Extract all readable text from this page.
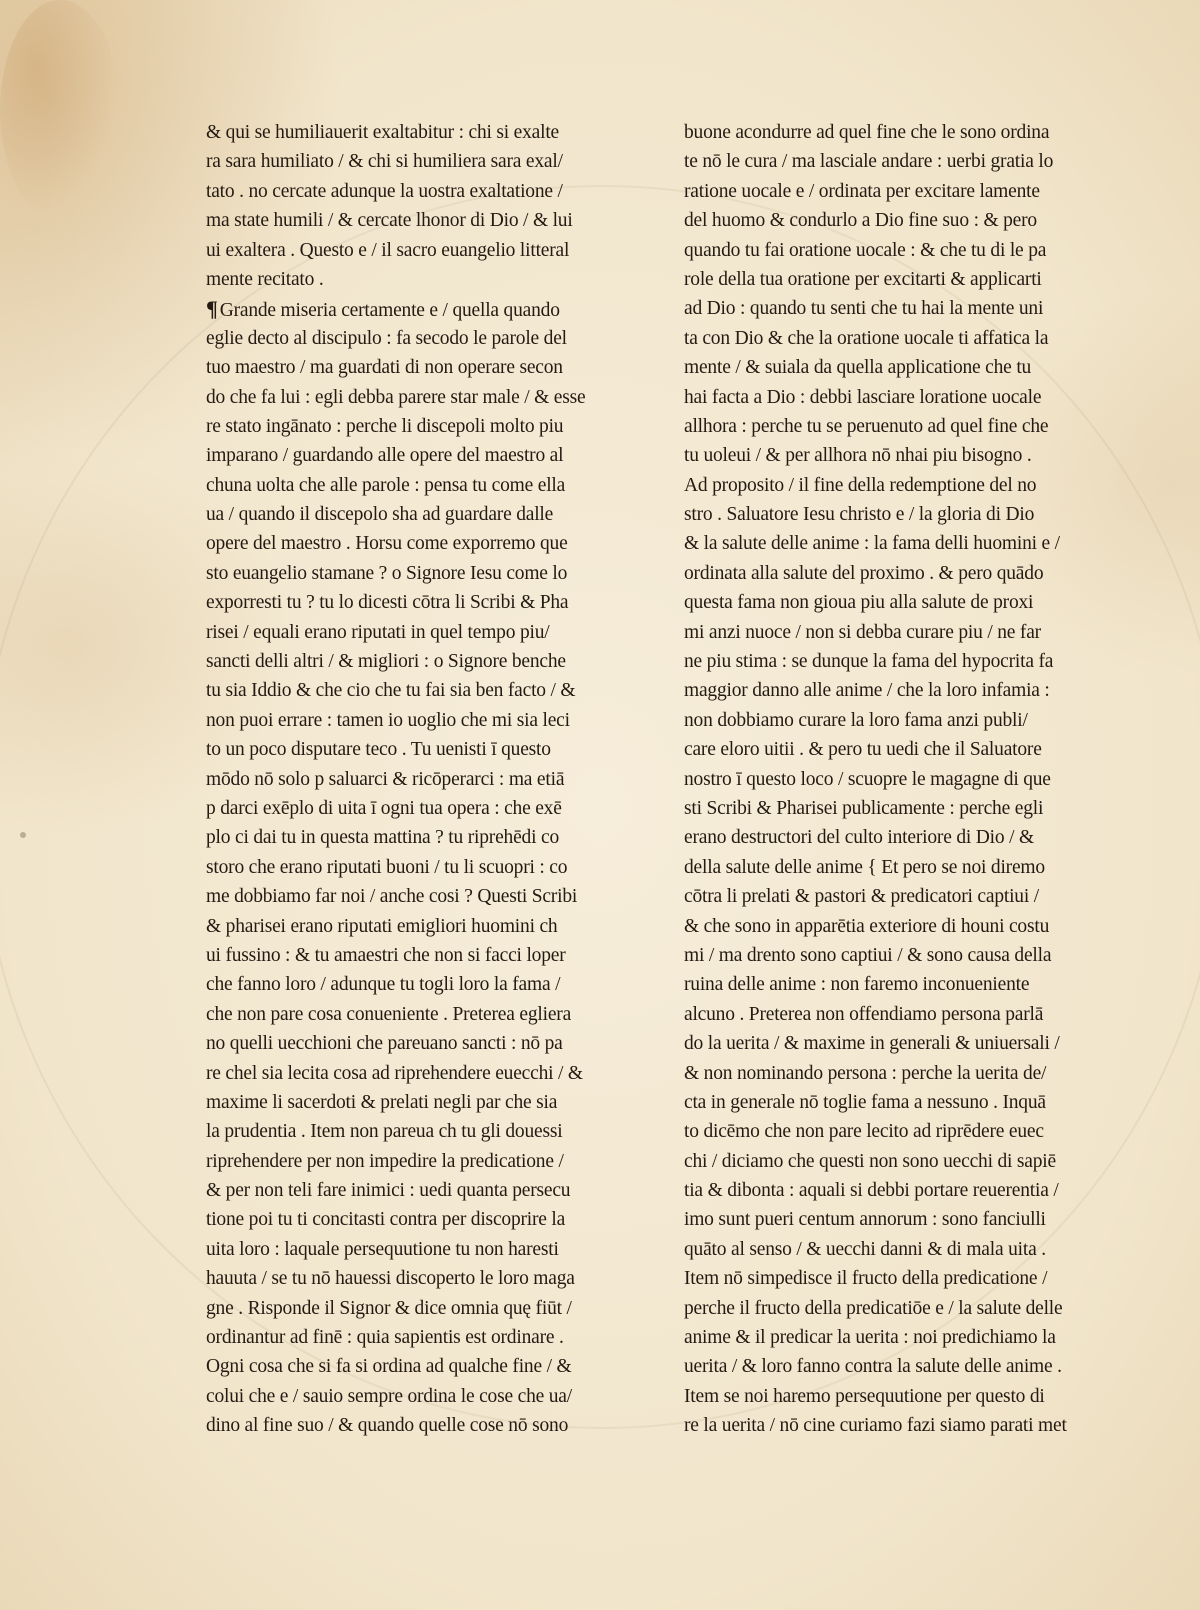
& qui se humiliauerit exaltabitur : chi si exalte
ra sara humiliato / & chi si humiliera sara exal/
tato . no cercate adunque la uostra exaltatione /
ma state humili / & cercate lhonor di Dio / & lui
ui exaltera . Questo e / il sacro euangelio litteral
mente recitato .
¶ Grande miseria certamente e / quella quando
eglie decto al discipulo : fa secodo le parole del
tuo maestro / ma guardati di non operare secon
do che fa lui : egli debba parere star male / & esse
re stato ingānato : perche li discepoli molto piu
imparano / guardando alle opere del maestro al
chuna uolta che alle parole : pensa tu come ella
ua / quando il discepolo sha ad guardare dalle
opere del maestro . Horsu come exporremo que
sto euangelio stamane ? o Signore Iesu come lo
exporresti tu ? tu lo dicesti cōtra li Scribi & Pha
risei / equali erano riputati in quel tempo piu/
sancti delli altri / & migliori : o Signore benche
tu sia Iddio & che cio che tu fai sia ben facto / &
non puoi errare : tamen io uoglio che mi sia leci
to un poco disputare teco . Tu uenisti ī questo
mōdo nō solo p saluarci & ricōperarci : ma etiā
p darci exēplo di uita ī ogni tua opera : che exē
plo ci dai tu in questa mattina ? tu riprehēdi co
storo che erano riputati buoni / tu li scuopri : co
me dobbiamo far noi / anche cosi ? Questi Scribi
& pharisei erano riputati emigliori huomini ch
ui fussino : & tu amaestri che non si facci loper
che fanno loro / adunque tu togli loro la fama /
che non pare cosa conueniente . Preterea egliera
no quelli uecchioni che pareuano sancti : nō pa
re chel sia lecita cosa ad riprehendere euecchi / &
maxime li sacerdoti & prelati negli par che sia
la prudentia . Item non pareua ch tu gli douessi
riprehendere per non impedire la predicatione /
& per non teli fare inimici : uedi quanta persecu
tione poi tu ti concitasti contra per discoprire la
uita loro : laquale persequutione tu non haresti
hauuta / se tu nō hauessi discoperto le loro maga
gne . Risponde il Signor & dice omnia quę fiūt /
ordinantur ad finē : quia sapientis est ordinare .
Ogni cosa che si fa si ordina ad qualche fine / &
colui che e / sauio sempre ordina le cose che ua/
dino al fine suo / & quando quelle cose nō sono
buone acondurre ad quel fine che le sono ordina
te nō le cura / ma lasciale andare : uerbi gratia lo
ratione uocale e / ordinata per excitare lamente
del huomo & condurlo a Dio fine suo : & pero
quando tu fai oratione uocale : & che tu di le pa
role della tua oratione per excitarti & applicarti
ad Dio : quando tu senti che tu hai la mente uni
ta con Dio & che la oratione uocale ti affatica la
mente / & suiala da quella applicatione che tu
hai facta a Dio : debbi lasciare loratione uocale
allhora : perche tu se peruenuto ad quel fine che
tu uoleui / & per allhora nō nhai piu bisogno .
Ad proposito / il fine della redemptione del no
stro . Saluatore Iesu christo e / la gloria di Dio
& la salute delle anime : la fama delli huomini e /
ordinata alla salute del proximo . & pero quādo
questa fama non gioua piu alla salute de proxi
mi anzi nuoce / non si debba curare piu / ne far
ne piu stima : se dunque la fama del hypocrita fa
maggior danno alle anime / che la loro infamia :
non dobbiamo curare la loro fama anzi publi/
care eloro uitii . & pero tu uedi che il Saluatore
nostro ī questo loco / scuopre le magagne di que
sti Scribi & Pharisei publicamente : perche egli
erano destructori del culto interiore di Dio / &
della salute delle anime { Et pero se noi diremo
cōtra li prelati & pastori & predicatori captiui /
& che sono in apparētia exteriore di houni costu
mi / ma drento sono captiui / & sono causa della
ruina delle anime : non faremo inconueniente
alcuno . Preterea non offendiamo persona parlā
do la uerita / & maxime in generali & uniuersali /
& non nominando persona : perche la uerita de/
cta in generale nō toglie fama a nessuno . Inquā
to dicēmo che non pare lecito ad riprēdere euec
chi / diciamo che questi non sono uecchi di sapiē
tia & dibonta : aquali si debbi portare reuerentia /
imo sunt pueri centum annorum : sono fanciulli
quāto al senso / & uecchi danni & di mala uita .
Item nō simpedisce il fructo della predicatione /
perche il fructo della predicatiōe e / la salute delle
anime & il predicar la uerita : noi predichiamo la
uerita / & loro fanno contra la salute delle anime .
Item se noi haremo persequutione per questo di
re la uerita / nō cine curiamo fazi siamo parati met
